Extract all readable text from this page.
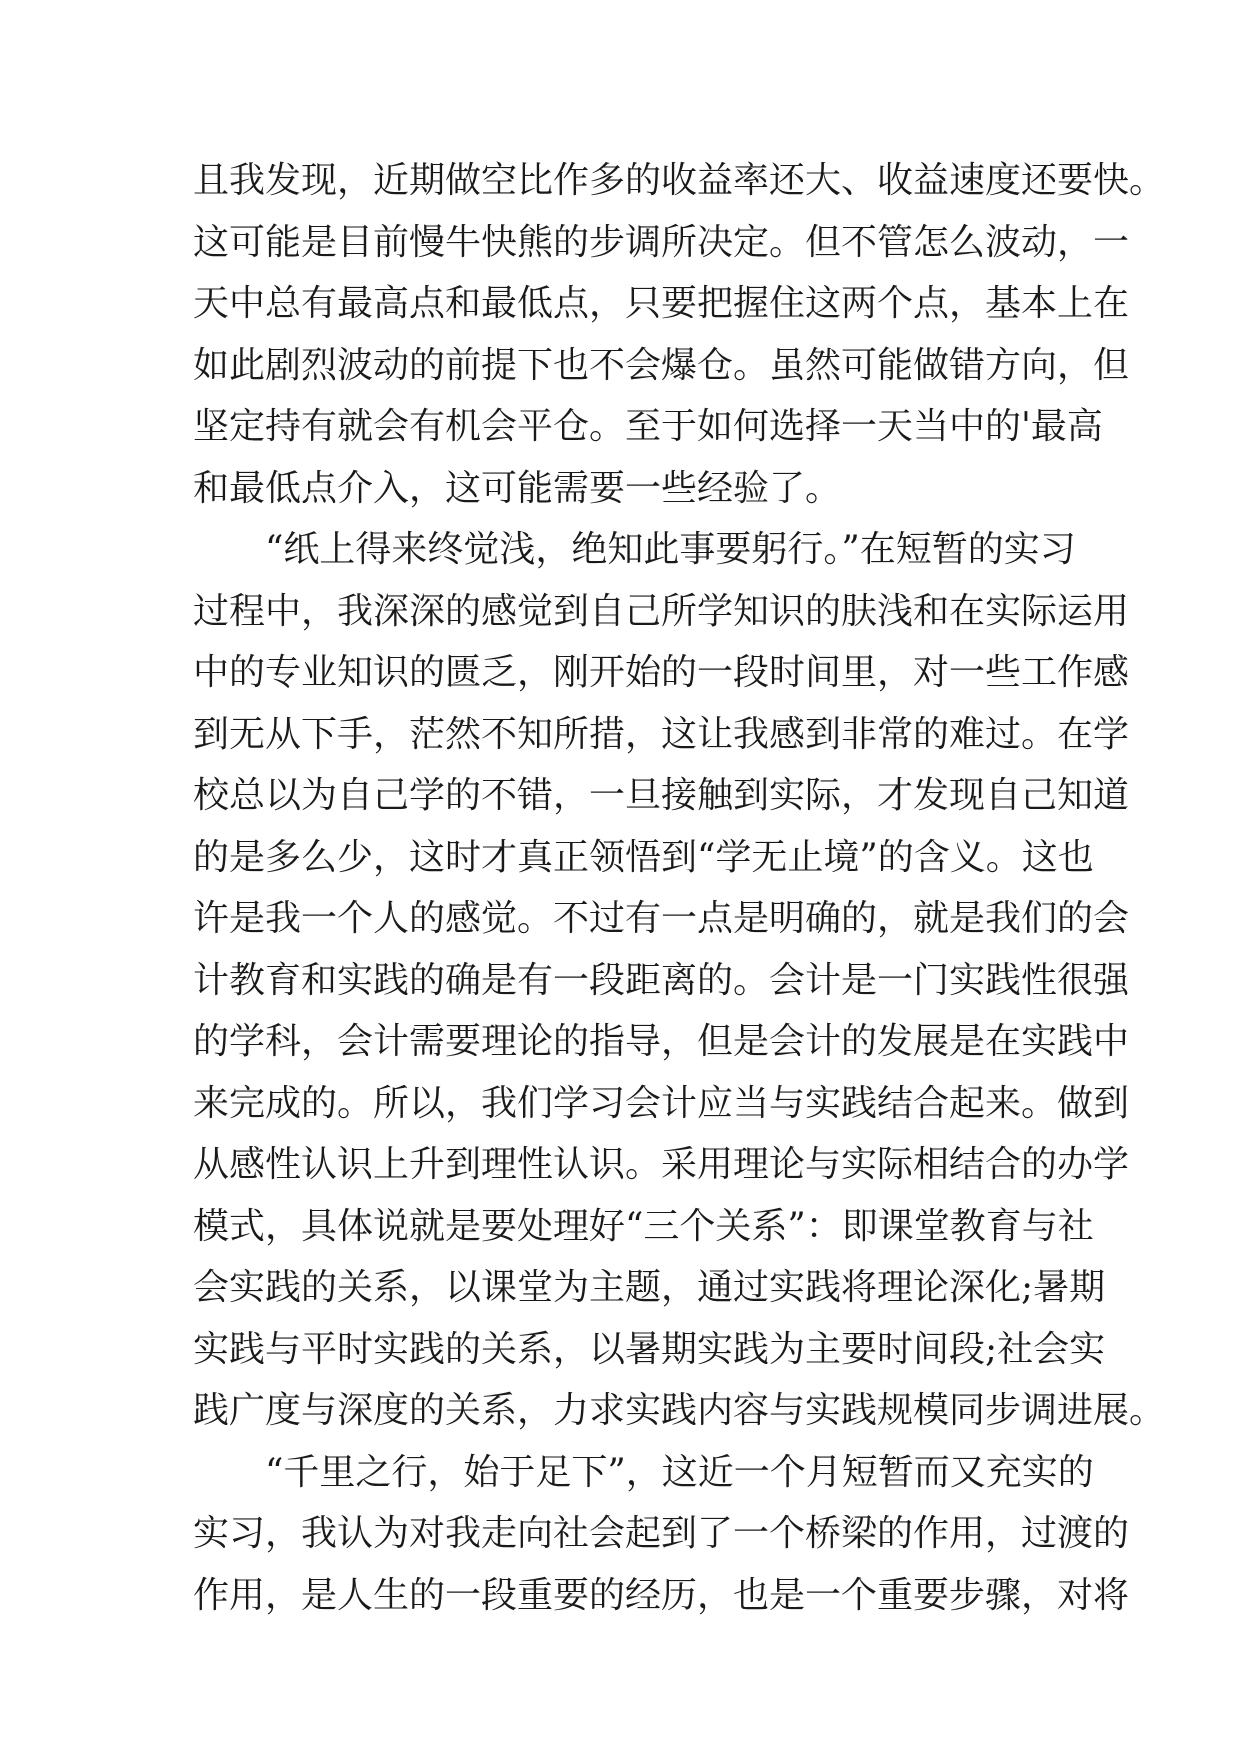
且我发现，近期做空比作多的收益率还大、收益速度还要快。
这可能是目前慢牛快熊的步调所决定。但不管怎么波动，一
天中总有最高点和最低点，只要把握住这两个点，基本上在
如此剧烈波动的前提下也不会爆仓。虽然可能做错方向，但
坚定持有就会有机会平仓。至于如何选择一天当中的'最高
和最低点介入，这可能需要一些经验了。
“纸上得来终觉浅，绝知此事要躬行。”在短暂的实习
过程中，我深深的感觉到自己所学知识的肤浅和在实际运用
中的专业知识的匮乏，刚开始的一段时间里，对一些工作感
到无从下手，茫然不知所措，这让我感到非常的难过。在学
校总以为自己学的不错，一旦接触到实际，才发现自己知道
的是多么少，这时才真正领悟到“学无止境”的含义。这也
许是我一个人的感觉。不过有一点是明确的，就是我们的会
计教育和实践的确是有一段距离的。会计是一门实践性很强
的学科，会计需要理论的指导，但是会计的发展是在实践中
来完成的。所以，我们学习会计应当与实践结合起来。做到
从感性认识上升到理性认识。采用理论与实际相结合的办学
模式，具体说就是要处理好“三个关系”：即课堂教育与社
会实践的关系，以课堂为主题，通过实践将理论深化;暑期
实践与平时实践的关系，以暑期实践为主要时间段;社会实
践广度与深度的关系，力求实践内容与实践规模同步调进展。
“千里之行，始于足下”，这近一个月短暂而又充实的
实习，我认为对我走向社会起到了一个桥梁的作用，过渡的
作用，是人生的一段重要的经历，也是一个重要步骤，对将
